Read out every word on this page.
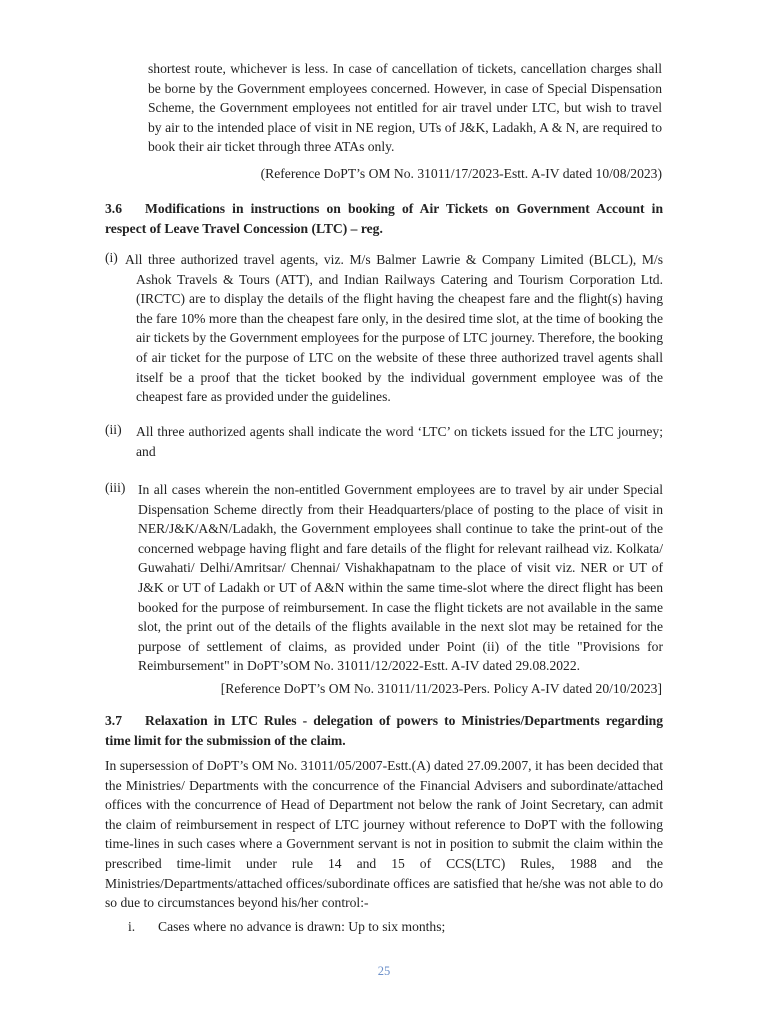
shortest route, whichever is less. In case of cancellation of tickets, cancellation charges shall be borne by the Government employees concerned. However, in case of Special Dispensation Scheme, the Government employees not entitled for air travel under LTC, but wish to travel by air to the intended place of visit in NE region, UTs of J&K, Ladakh, A & N, are required to book their air ticket through three ATAs only.
(Reference DoPT’s OM No. 31011/17/2023-Estt. A-IV dated 10/08/2023)
3.6 Modifications in instructions on booking of Air Tickets on Government Account in respect of Leave Travel Concession (LTC) – reg.
(i) All three authorized travel agents, viz. M/s Balmer Lawrie & Company Limited (BLCL), M/s Ashok Travels & Tours (ATT), and Indian Railways Catering and Tourism Corporation Ltd. (IRCTC) are to display the details of the flight having the cheapest fare and the flight(s) having the fare 10% more than the cheapest fare only, in the desired time slot, at the time of booking the air tickets by the Government employees for the purpose of LTC journey. Therefore, the booking of air ticket for the purpose of LTC on the website of these three authorized travel agents shall itself be a proof that the ticket booked by the individual government employee was of the cheapest fare as provided under the guidelines.
(ii)	All three authorized agents shall indicate the word ‘LTC’ on tickets issued for the LTC journey; and
(iii) In all cases wherein the non-entitled Government employees are to travel by air under Special Dispensation Scheme directly from their Headquarters/place of posting to the place of visit in NER/J&K/A&N/Ladakh, the Government employees shall continue to take the print-out of the concerned webpage having flight and fare details of the flight for relevant railhead viz. Kolkata/ Guwahati/ Delhi/Amritsar/ Chennai/ Vishakhapatnam to the place of visit viz. NER or UT of J&K or UT of Ladakh or UT of A&N within the same time-slot where the direct flight has been booked for the purpose of reimbursement. In case the flight tickets are not available in the same slot, the print out of the details of the flights available in the next slot may be retained for the purpose of settlement of claims, as provided under Point (ii) of the title "Provisions for Reimbursement" in DoPT’sOM No. 31011/12/2022-Estt. A-IV dated 29.08.2022.
[Reference DoPT’s OM No. 31011/11/2023-Pers. Policy A-IV dated 20/10/2023]
3.7 Relaxation in LTC Rules - delegation of powers to Ministries/Departments regarding time limit for the submission of the claim.
In supersession of DoPT’s OM No. 31011/05/2007-Estt.(A) dated 27.09.2007, it has been decided that the Ministries/ Departments with the concurrence of the Financial Advisers and subordinate/attached offices with the concurrence of Head of Department not below the rank of Joint Secretary, can admit the claim of reimbursement in respect of LTC journey without reference to DoPT with the following time-lines in such cases where a Government servant is not in position to submit the claim within the prescribed time-limit under rule 14 and 15 of CCS(LTC) Rules, 1988 and the Ministries/Departments/attached offices/subordinate offices are satisfied that he/she was not able to do so due to circumstances beyond his/her control:-
i. Cases where no advance is drawn: Up to six months;
25
